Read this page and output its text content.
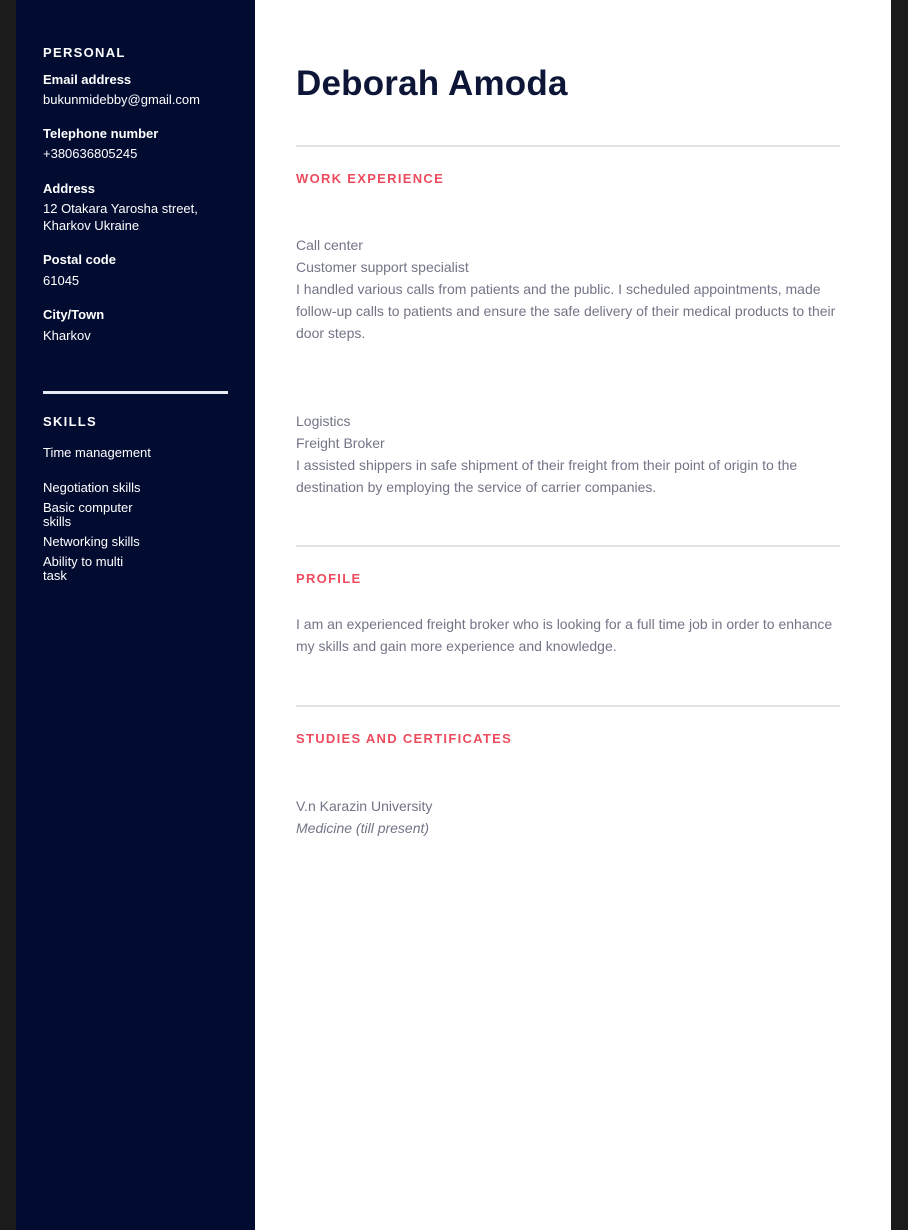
PERSONAL
Email address
bukunmidebby@gmail.com
Telephone number
+380636805245
Address
12 Otakara Yarosha street, Kharkov Ukraine
Postal code
61045
City/Town
Kharkov
SKILLS
Time management
Negotiation skills
Basic computer skills
Networking skills
Ability to multi task
Deborah Amoda
WORK EXPERIENCE
Call center
Customer support specialist
I handled various calls from patients and the public. I scheduled appointments, made follow-up calls to patients and ensure the safe delivery of their medical products to their door steps.
Logistics
Freight Broker
I assisted shippers in safe shipment of their freight from their point of origin to the destination by employing the service of carrier companies.
PROFILE
I am an experienced freight broker who is looking for a full time job in order to enhance my skills and gain more experience and knowledge.
STUDIES AND CERTIFICATES
V.n Karazin University
Medicine (till present)
